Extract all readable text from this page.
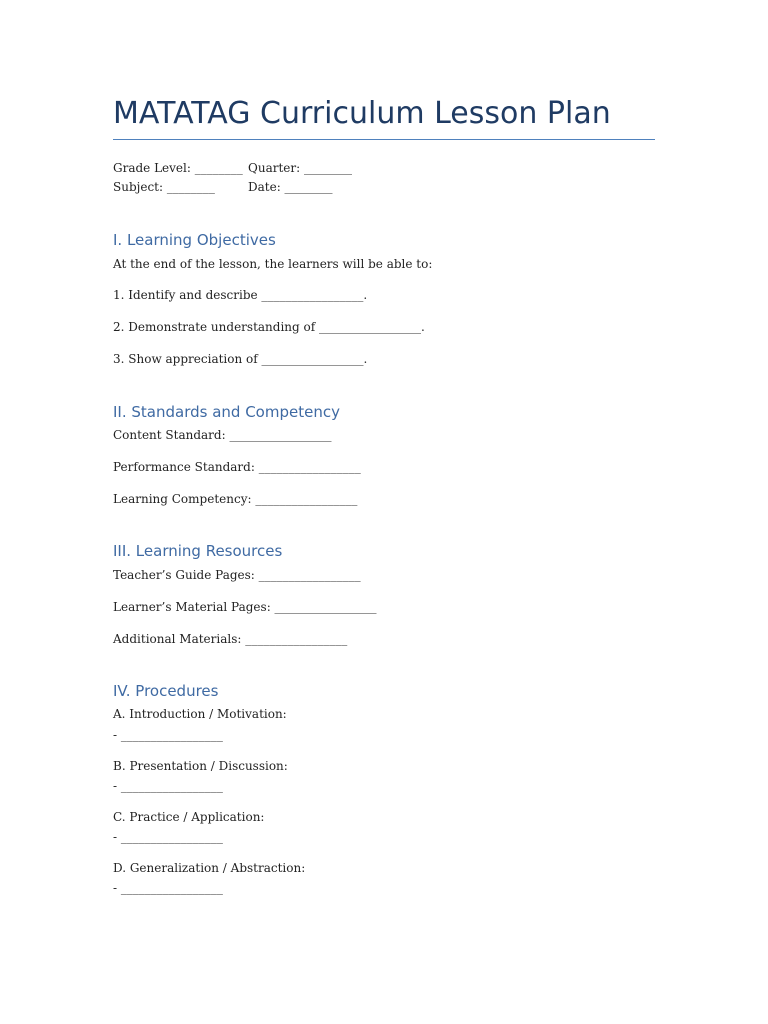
MATATAG Curriculum Lesson Plan
Grade Level: ________ Quarter: ________
Subject: ________	Date: ________
I. Learning Objectives
At the end of the lesson, the learners will be able to:
1. Identify and describe _________________.
2. Demonstrate understanding of _________________.
3. Show appreciation of _________________.
II. Standards and Competency
Content Standard: _________________
Performance Standard: _________________
Learning Competency: _________________
III. Learning Resources
Teacher’s Guide Pages: _________________
Learner’s Material Pages: _________________
Additional Materials: _________________
IV. Procedures
A. Introduction / Motivation:
- _________________
B. Presentation / Discussion:
- _________________
C. Practice / Application:
- _________________
D. Generalization / Abstraction:
- _________________
